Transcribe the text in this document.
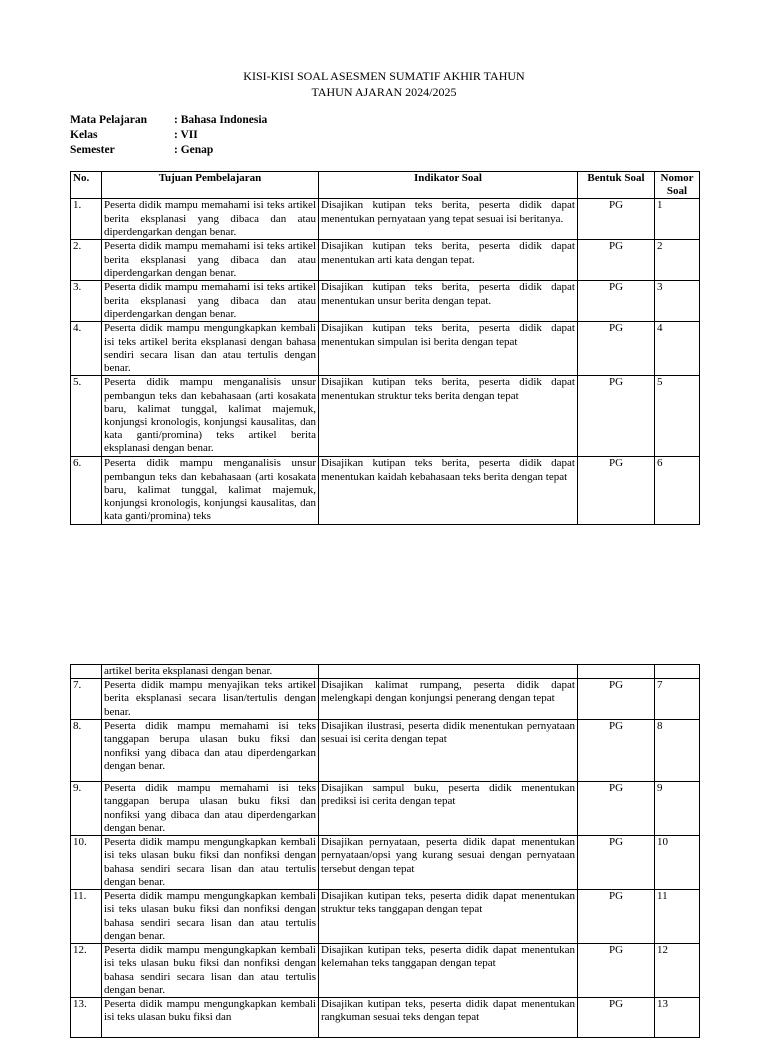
KISI-KISI SOAL ASESMEN SUMATIF AKHIR TAHUN
TAHUN AJARAN 2024/2025
Mata Pelajaran	: Bahasa Indonesia
Kelas	: VII
Semester	: Genap
No.	Tujuan Pembelajaran	Indikator Soal	Bentuk Soal	Nomor Soal
1.	Peserta didik mampu memahami isi teks artikel berita eksplanasi yang dibaca dan atau diperdengarkan dengan benar.	Disajikan kutipan teks berita, peserta didik dapat menentukan pernyataan yang tepat sesuai isi beritanya.	PG	1
2.	Peserta didik mampu memahami isi teks artikel berita eksplanasi yang dibaca dan atau diperdengarkan dengan benar.	Disajikan kutipan teks berita, peserta didik dapat menentukan arti kata dengan tepat.	PG	2
3.	Peserta didik mampu memahami isi teks artikel berita eksplanasi yang dibaca dan atau diperdengarkan dengan benar.	Disajikan kutipan teks berita, peserta didik dapat menentukan unsur berita dengan tepat.	PG	3
4.	Peserta didik mampu mengungkapkan kembali isi teks artikel berita eksplanasi dengan bahasa sendiri secara lisan dan atau tertulis dengan benar.	Disajikan kutipan teks berita, peserta didik dapat menentukan simpulan isi berita dengan tepat	PG	4
5.	Peserta didik mampu menganalisis unsur pembangun teks dan kebahasaan (arti kosakata baru, kalimat tunggal, kalimat majemuk, konjungsi kronologis, konjungsi kausalitas, dan kata ganti/promina) teks artikel berita eksplanasi dengan benar.	Disajikan kutipan teks berita, peserta didik dapat menentukan struktur teks berita dengan tepat	PG	5
6.	Peserta didik mampu menganalisis unsur pembangun teks dan kebahasaan (arti kosakata baru, kalimat tunggal, kalimat majemuk, konjungsi kronologis, konjungsi kausalitas, dan kata ganti/promina) teks	Disajikan kutipan teks berita, peserta didik dapat menentukan kaidah kebahasaan teks berita dengan tepat	PG	6
	artikel berita eksplanasi dengan benar.			
7.	Peserta didik mampu menyajikan teks artikel berita eksplanasi secara lisan/tertulis dengan benar.	Disajikan kalimat rumpang, peserta didik dapat melengkapi dengan konjungsi penerang dengan tepat	PG	7
8.	Peserta didik mampu memahami isi teks tanggapan berupa ulasan buku fiksi dan nonfiksi yang dibaca dan atau diperdengarkan dengan benar.	Disajikan ilustrasi, peserta didik menentukan pernyataan sesuai isi cerita dengan tepat	PG	8
9.	Peserta didik mampu memahami isi teks tanggapan berupa ulasan buku fiksi dan nonfiksi yang dibaca dan atau diperdengarkan dengan benar.	Disajikan sampul buku, peserta didik menentukan prediksi isi cerita dengan tepat	PG	9
10.	Peserta didik mampu mengungkapkan kembali isi teks ulasan buku fiksi dan nonfiksi dengan bahasa sendiri secara lisan dan atau tertulis dengan benar.	Disajikan pernyataan, peserta didik dapat menentukan pernyataan/opsi yang kurang sesuai dengan pernyataan tersebut dengan tepat	PG	10
11.	Peserta didik mampu mengungkapkan kembali isi teks ulasan buku fiksi dan nonfiksi dengan bahasa sendiri secara lisan dan atau tertulis dengan benar.	Disajikan kutipan teks, peserta didik dapat menentukan struktur teks tanggapan dengan tepat	PG	11
12.	Peserta didik mampu mengungkapkan kembali isi teks ulasan buku fiksi dan nonfiksi dengan bahasa sendiri secara lisan dan atau tertulis dengan benar.	Disajikan kutipan teks, peserta didik dapat menentukan kelemahan teks tanggapan dengan tepat	PG	12
13.	Peserta didik mampu mengungkapkan kembali isi teks ulasan buku fiksi dan	Disajikan kutipan teks, peserta didik dapat menentukan rangkuman sesuai teks dengan tepat	PG	13
